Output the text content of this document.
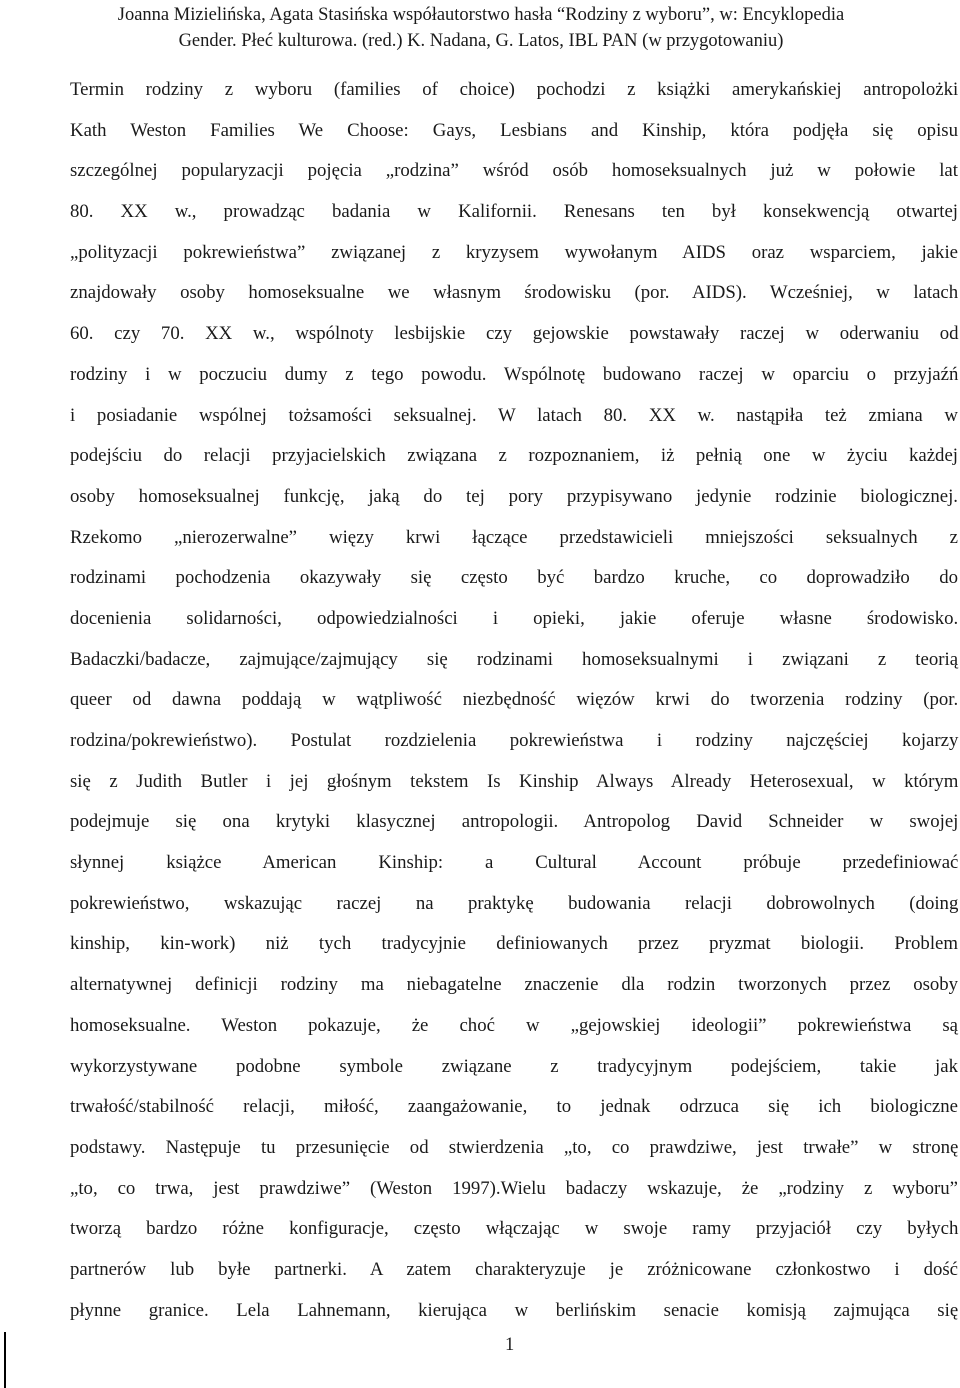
Joanna Mizielińska, Agata Stasińska współautorstwo hasła “Rodziny z wyboru”, w: Encyklopedia

Gender. Płeć kulturowa. (red.) K. Nadana, G. Latos, IBL PAN (w przygotowaniu)

Termin rodziny z wyboru (families of choice) pochodzi z książki amerykańskiej antropolożki
Kath Weston Families We Choose: Gays, Lesbians and Kinship, która podjęła się opisu
szczególnej popularyzacji pojęcia „rodzina” wśród osób homoseksualnych już w połowie lat
80. XX w., prowadząc badania w Kalifornii. Renesans ten był konsekwencją otwartej
„polityzacji pokrewieństwa” związanej z kryzysem wywołanym AIDS oraz wsparciem, jakie
znajdowały osoby homoseksualne we własnym środowisku (por. AIDS). Wcześniej, w latach
60. czy 70. XX w., wspólnoty lesbijskie czy gejowskie powstawały raczej w oderwaniu od
rodziny i w poczuciu dumy z tego powodu. Wspólnotę budowano raczej w oparciu o przyjaźń
i posiadanie wspólnej tożsamości seksualnej. W latach 80. XX w. nastąpiła też zmiana w
podejściu do relacji przyjacielskich związana z rozpoznaniem, iż pełnią one w życiu każdej
osoby homoseksualnej funkcję, jaką do tej pory przypisywano jedynie rodzinie biologicznej.
Rzekomo „nierozerwalne” więzy krwi łączące przedstawicieli mniejszości seksualnych z
rodzinami pochodzenia okazywały się często być bardzo kruche, co doprowadziło do
docenienia solidarności, odpowiedzialności i opieki, jakie oferuje własne środowisko.
Badaczki/badacze, zajmujące/zajmujący się rodzinami homoseksualnymi i związani z teorią
queer od dawna poddają w wątpliwość niezbędność więzów krwi do tworzenia rodziny (por.
rodzina/pokrewieństwo). Postulat rozdzielenia pokrewieństwa i rodziny najczęściej kojarzy
się z Judith Butler i jej głośnym tekstem Is Kinship Always Already Heterosexual, w którym
podejmuje się ona krytyki klasycznej antropologii. Antropolog David Schneider w swojej
słynnej książce American Kinship: a Cultural Account próbuje przedefiniować
pokrewieństwo, wskazując raczej na praktykę budowania relacji dobrowolnych (doing
kinship, kin-work) niż tych tradycyjnie definiowanych przez pryzmat biologii. Problem
alternatywnej definicji rodziny ma niebagatelne znaczenie dla rodzin tworzonych przez osoby
homoseksualne. Weston pokazuje, że choć w „gejowskiej ideologii” pokrewieństwa są
wykorzystywane podobne symbole związane z tradycyjnym podejściem, takie jak
trwałość/stabilność relacji, miłość, zaangażowanie, to jednak odrzuca się ich biologiczne
podstawy. Następuje tu przesunięcie od stwierdzenia „to, co prawdziwe, jest trwałe” w stronę
„to, co trwa, jest prawdziwe” (Weston 1997).Wielu badaczy wskazuje, że „rodziny z wyboru”
tworzą bardzo różne konfiguracje, często włączając w swoje ramy przyjaciół czy byłych
partnerów lub byłe partnerki. A zatem charakteryzuje je zróżnicowane członkostwo i dość
płynne granice. Lela Lahnemann, kierująca w berlińskim senacie komisją zajmująca się
1
